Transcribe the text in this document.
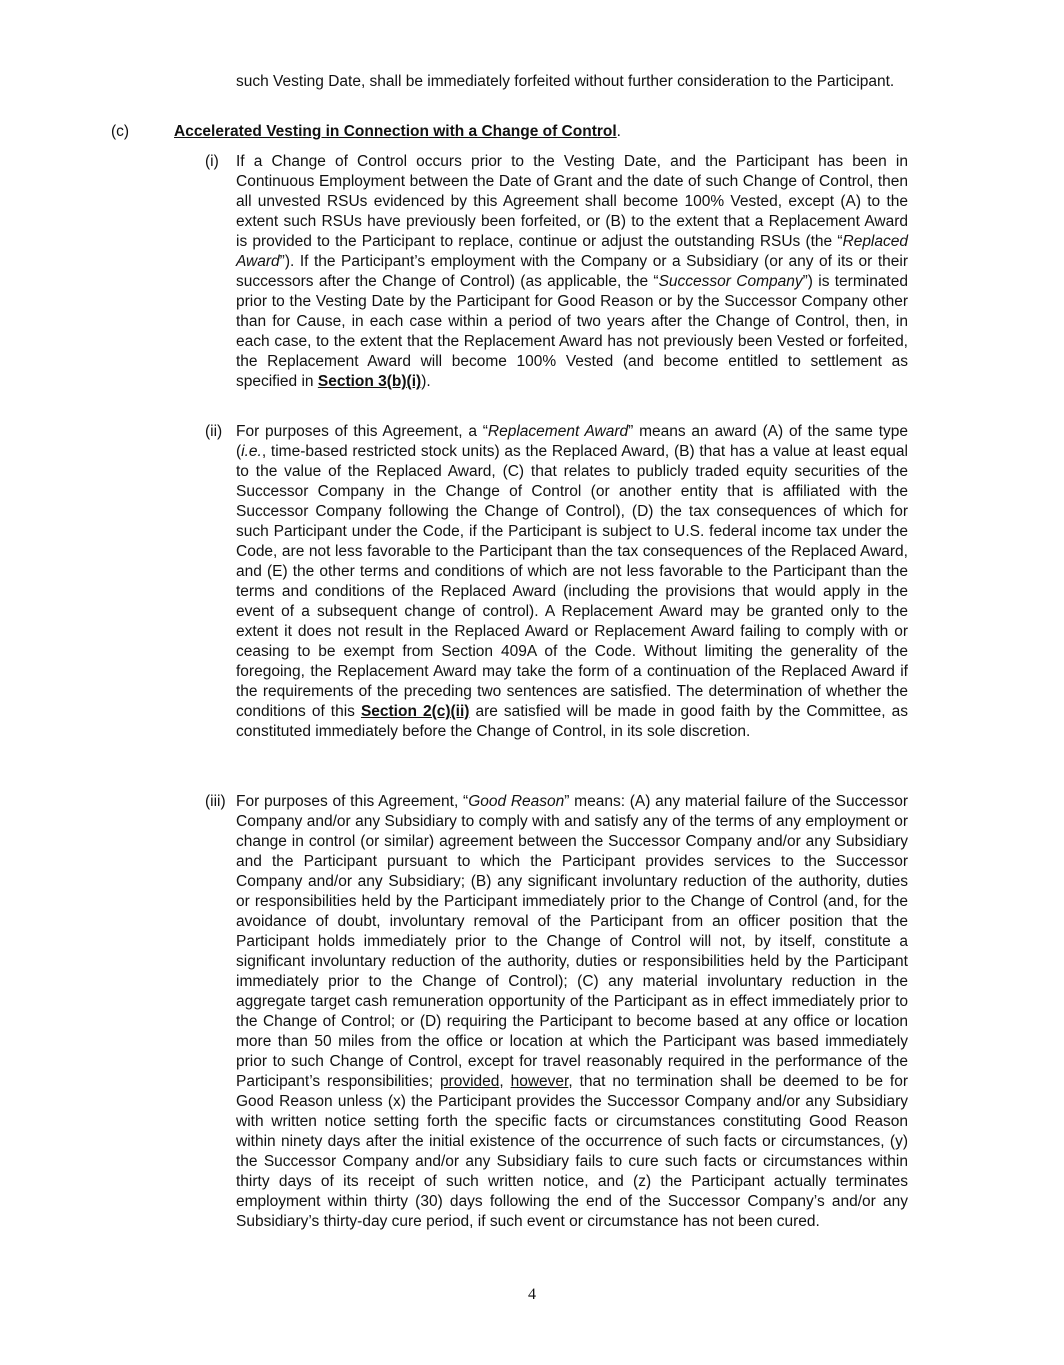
such Vesting Date, shall be immediately forfeited without further consideration to the Participant.
(c)	Accelerated Vesting in Connection with a Change of Control.
(i) If a Change of Control occurs prior to the Vesting Date, and the Participant has been in Continuous Employment between the Date of Grant and the date of such Change of Control, then all unvested RSUs evidenced by this Agreement shall become 100% Vested, except (A) to the extent such RSUs have previously been forfeited, or (B) to the extent that a Replacement Award is provided to the Participant to replace, continue or adjust the outstanding RSUs (the “Replaced Award”). If the Participant’s employment with the Company or a Subsidiary (or any of its or their successors after the Change of Control) (as applicable, the “Successor Company”) is terminated prior to the Vesting Date by the Participant for Good Reason or by the Successor Company other than for Cause, in each case within a period of two years after the Change of Control, then, in each case, to the extent that the Replacement Award has not previously been Vested or forfeited, the Replacement Award will become 100% Vested (and become entitled to settlement as specified in Section 3(b)(i)).
(ii) For purposes of this Agreement, a “Replacement Award” means an award (A) of the same type (i.e., time-based restricted stock units) as the Replaced Award, (B) that has a value at least equal to the value of the Replaced Award, (C) that relates to publicly traded equity securities of the Successor Company in the Change of Control (or another entity that is affiliated with the Successor Company following the Change of Control), (D) the tax consequences of which for such Participant under the Code, if the Participant is subject to U.S. federal income tax under the Code, are not less favorable to the Participant than the tax consequences of the Replaced Award, and (E) the other terms and conditions of which are not less favorable to the Participant than the terms and conditions of the Replaced Award (including the provisions that would apply in the event of a subsequent change of control). A Replacement Award may be granted only to the extent it does not result in the Replaced Award or Replacement Award failing to comply with or ceasing to be exempt from Section 409A of the Code. Without limiting the generality of the foregoing, the Replacement Award may take the form of a continuation of the Replaced Award if the requirements of the preceding two sentences are satisfied. The determination of whether the conditions of this Section 2(c)(ii) are satisfied will be made in good faith by the Committee, as constituted immediately before the Change of Control, in its sole discretion.
(iii) For purposes of this Agreement, “Good Reason” means: (A) any material failure of the Successor Company and/or any Subsidiary to comply with and satisfy any of the terms of any employment or change in control (or similar) agreement between the Successor Company and/or any Subsidiary and the Participant pursuant to which the Participant provides services to the Successor Company and/or any Subsidiary; (B) any significant involuntary reduction of the authority, duties or responsibilities held by the Participant immediately prior to the Change of Control (and, for the avoidance of doubt, involuntary removal of the Participant from an officer position that the Participant holds immediately prior to the Change of Control will not, by itself, constitute a significant involuntary reduction of the authority, duties or responsibilities held by the Participant immediately prior to the Change of Control); (C) any material involuntary reduction in the aggregate target cash remuneration opportunity of the Participant as in effect immediately prior to the Change of Control; or (D) requiring the Participant to become based at any office or location more than 50 miles from the office or location at which the Participant was based immediately prior to such Change of Control, except for travel reasonably required in the performance of the Participant’s responsibilities; provided, however, that no termination shall be deemed to be for Good Reason unless (x) the Participant provides the Successor Company and/or any Subsidiary with written notice setting forth the specific facts or circumstances constituting Good Reason within ninety days after the initial existence of the occurrence of such facts or circumstances, (y) the Successor Company and/or any Subsidiary fails to cure such facts or circumstances within thirty days of its receipt of such written notice, and (z) the Participant actually terminates employment within thirty (30) days following the end of the Successor Company’s and/or any Subsidiary’s thirty-day cure period, if such event or circumstance has not been cured.
4
